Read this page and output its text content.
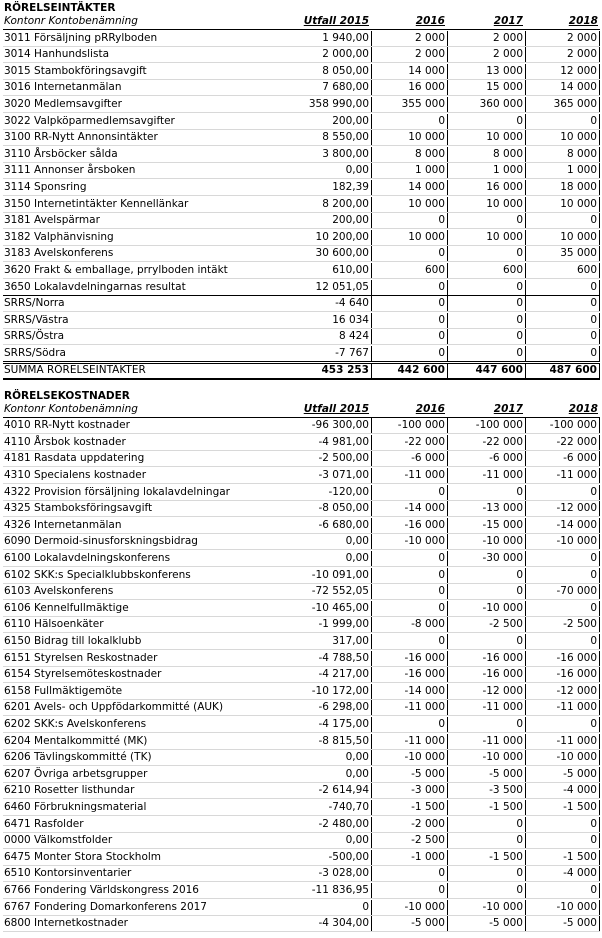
RÖRELSEINTÄKTER
Kontonr Kontobenämning	Utfall 2015	2016	2017	2018
3011 Försäljning pRRylboden	1 940,00	2 000	2 000	2 000
3014 Hanhundslista	2 000,00	2 000	2 000	2 000
3015 Stambokföringsavgift	8 050,00	14 000	13 000	12 000
3016 Internetanmälan	7 680,00	16 000	15 000	14 000
3020 Medlemsavgifter	358 990,00	355 000	360 000	365 000
3022 Valpköparmedlemsavgifter	200,00	0	0	0
3100 RR-Nytt Annonsintäkter	8 550,00	10 000	10 000	10 000
3110 Årsböcker sålda	3 800,00	8 000	8 000	8 000
3111 Annonser årsboken	0,00	1 000	1 000	1 000
3114 Sponsring	182,39	14 000	16 000	18 000
3150 Internetintäkter Kennellänkar	8 200,00	10 000	10 000	10 000
3181 Avelspärmar	200,00	0	0	0
3182 Valphänvisning	10 200,00	10 000	10 000	10 000
3183 Avelskonferens	30 600,00	0	0	35 000
3620 Frakt & emballage, prrylboden intäkt	610,00	600	600	600
3650 Lokalavdelningarnas resultat	12 051,05	0	0	0
SRRS/Norra	-4 640	0	0	0
SRRS/Västra	16 034	0	0	0
SRRS/Östra	8 424	0	0	0
SRRS/Södra	-7 767	0	0	0
SUMMA RÖRELSEINTÄKTER	453 253	442 600	447 600	487 600
RÖRELSEKOSTNADER
Kontonr Kontobenämning	Utfall 2015	2016	2017	2018
4010 RR-Nytt kostnader	-96 300,00	-100 000	-100 000	-100 000
4110 Årsbok kostnader	-4 981,00	-22 000	-22 000	-22 000
4181 Rasdata uppdatering	-2 500,00	-6 000	-6 000	-6 000
4310 Specialens kostnader	-3 071,00	-11 000	-11 000	-11 000
4322 Provision försäljning lokalavdelningar	-120,00	0	0	0
4325 Stamboksföringsavgift	-8 050,00	-14 000	-13 000	-12 000
4326 Internetanmälan	-6 680,00	-16 000	-15 000	-14 000
6090 Dermoid-sinusforskningsbidrag	0,00	-10 000	-10 000	-10 000
6100 Lokalavdelningskonferens	0,00	0	-30 000	0
6102 SKK:s Specialklubbskonferens	-10 091,00	0	0	0
6103 Avelskonferens	-72 552,05	0	0	-70 000
6106 Kennelfullmäktige	-10 465,00	0	-10 000	0
6110 Hälsoenkäter	-1 999,00	-8 000	-2 500	-2 500
6150 Bidrag till lokalklubb	317,00	0	0	0
6151 Styrelsen Reskostnader	-4 788,50	-16 000	-16 000	-16 000
6154 Styrelsemöteskostnader	-4 217,00	-16 000	-16 000	-16 000
6158 Fullmäktigemöte	-10 172,00	-14 000	-12 000	-12 000
6201 Avels- och Uppfödarkommitté (AUK)	-6 298,00	-11 000	-11 000	-11 000
6202 SKK:s Avelskonferens	-4 175,00	0	0	0
6204 Mentalkommitté (MK)	-8 815,50	-11 000	-11 000	-11 000
6206 Tävlingskommitté (TK)	0,00	-10 000	-10 000	-10 000
6207 Övriga arbetsgrupper	0,00	-5 000	-5 000	-5 000
6210 Rosetter listhundar	-2 614,94	-3 000	-3 500	-4 000
6460 Förbrukningsmaterial	-740,70	-1 500	-1 500	-1 500
6471 Rasfolder	-2 480,00	-2 000	0	0
0000 Välkomstfolder	0,00	-2 500	0	0
6475 Monter Stora Stockholm	-500,00	-1 000	-1 500	-1 500
6510 Kontorsinventarier	-3 028,00	0	0	-4 000
6766 Fondering Världskongress 2016	-11 836,95	0	0	0
6767 Fondering Domarkonferens 2017	0	-10 000	-10 000	-10 000
6800 Internetkostnader	-4 304,00	-5 000	-5 000	-5 000
